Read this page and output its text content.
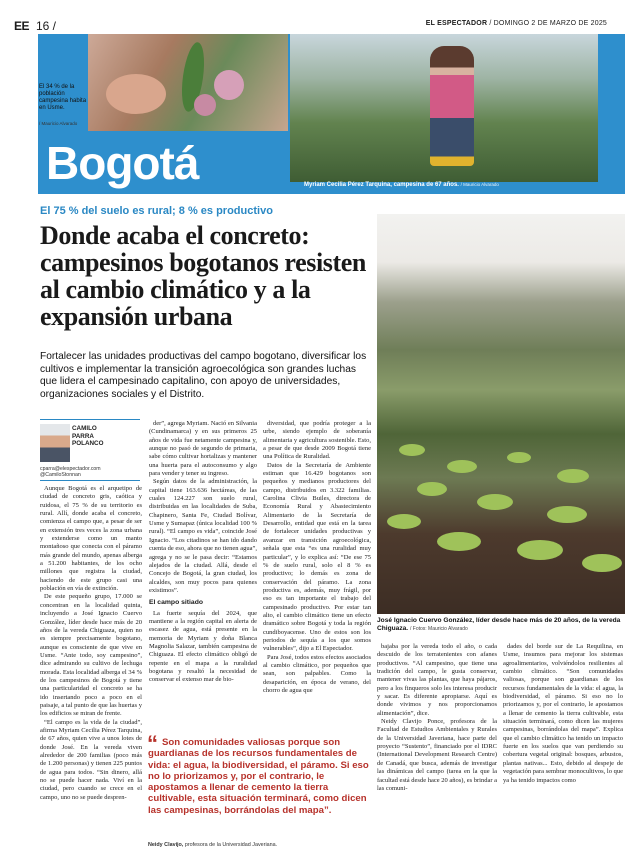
EE 16 /	EL ESPECTADOR / DOMINGO 2 DE MARZO DE 2025
El 34 % de la población campesina habita en Usme.
/ Mauricio Alvarado
Bogotá	Myriam Cecilia Pérez Tarquina, campesina de 67 años. / Mauricio Alvarado
El 75 % del suelo es rural; 8 % es productivo
Donde acaba el concreto: campesinos bogotanos resisten al cambio climático y a la expansión urbana
Fortalecer las unidades productivas del campo bogotano, diversificar los cultivos e implementar la transición agroecológica son grandes luchas que lidera el campesinado capitalino, con apoyo de universidades, organizaciones sociales y el Distrito.
José Ignacio Cuervo González, líder desde hace más de 20 años, de la vereda Chiguaza. / Fotos: Mauricio Alvarado
CAMILO
PARRA
POLANCO
cparra@elespectador.com
@CamiloStonnan

Aunque Bogotá es el arquetipo de ciudad de concreto gris, caótica y ruidosa, el 75 % de su territorio es rural. Allí, donde acaba el concreto, comienza el campo que, a pesar de ser en extensión tres veces la zona urbana y extenderse como un manto montañoso que conecta con el páramo más grande del mundo, apenas alberga a 51.200 habitantes, de los ocho millones que registra la ciudad, haciendo de este grupo casi una población en vía de extinción.

De este pequeño grupo, 17.000 se concentran en la localidad quinta, incluyendo a José Ignacio Cuervo González, líder desde hace más de 20 años de la vereda Chiguaza, quien no es siempre precisamente bogotano, aunque es consciente de que vive en Usme. “Ante todo, soy campesino”, dice admirando su cultivo de lechuga morada. Esta localidad alberga el 34 % de los campesinos de Bogotá y tiene una particularidad el concreto se ha ido insertando poco a poco en el paisaje, a tal punto de que las huertas y los edificios se miran de frente.

“El campo es la vida de la ciudad”, afirma Myriam Cecilia Pérez Tarquina, de 67 años, quien vive a unos lotes de donde José. En la vereda viven alrededor de 200 familias (poco más de 1.200 personas) y tienen 225 puntos de agua para todos. “Sin dinero, allá no se puede hacer nada. Viví en la ciudad, pero cuando se crece en el campo, uno no se puede despren-

der”, agrega Myriam. Nació en Silvania (Cundinamarca) y en sus primeros 25 años de vida fue netamente campesina y, aunque no pasó de segundo de primaria, sabe cómo cultivar hortalizas y mantener una huerta para el autoconsumo y algo para vender y tener su ingreso.

Según datos de la administración, la capital tiene 163.636 hectáreas, de las cuales 124.227 son suelo rural, distribuidas en las localidades de Suba, Chapinero, Santa Fe, Ciudad Bolívar, Usme y Sumapaz (única localidad 100 % rural). “El campo es vida”, coincide José Ignacio. “Los citadinos se han ido dando cuenta de eso, ahora que no tienen agua”, agrega y no se le pasa decir: “Estamos alejados de la ciudad. Allá, desde el Concejo de Bogotá, la gran ciudad, los alcaldes, son muy pocos para quienes existimos”.

El campo sitiado

La fuerte sequía del 2024, que mantiene a la región capital en alerta de escasez de agua, está presente en la memoria de Myriam y doña Blanca Magnolia Salazar, también campesina de Chiguaza. El efecto climático obligó de repente en el mapa a la ruralidad bogotana y resaltó la necesidad de conservar el extenso mar de bio-

diversidad, que podría proteger a la urbe, siendo ejemplo de soberanía alimentaria y agricultura sostenible. Esto, a pesar de que desde 2009 Bogotá tiene una Política de Ruralidad.

Datos de la Secretaría de Ambiente estiman que 16.429 bogotanos son pequeños y medianos productores del campo, distribuidos en 3.322 familias. Carolina Clivia Builes, directora de Economía Rural y Abastecimiento Alimentario de la Secretaría de Desarrollo, entidad que está en la tarea de fortalecer unidades productivas y avanzar en transición agroecológica, señala que esta “es una ruralidad muy particular”, y lo explica así: “De ese 75 % de suelo rural, solo el 8 % es productivo; lo demás es zona de conservación del páramo. La zona productiva es, además, muy frágil, por eso es tan importante el trabajo del campesinado productivo. Por estar tan alto, el cambio climático tiene un efecto dramático sobre Bogotá y toda la región cundiboyacense. Uno de estos son los periodos de sequía a los que somos vulnerables”, dijo a El Espectador.

Para José, todos estos efectos asociados al cambio climático, por pequeños que sean, son palpables. Como la desaparición, en época de verano, del chorro de agua que

bajaba por la vereda todo el año, o cada descuido de los terratenientes con afanes productivos. “Al campesino, que tiene una tradición del campo, le gusta conservar, mantener vivas las plantas, que haya pájaros, pero a los finqueros solo les interesa producir y sacar. Es diferente apropiarse. Aquí es donde vivimos y nos proporcionamos alimentación”, dice.

Neidy Clavijo Ponce, profesora de la Facultad de Estudios Ambientales y Rurales de la Universidad Javeriana, hace parte del proyecto “Sustento”, financiado por el IDRC (International Development Research Centre) de Canadá, que busca, además de investigar las dinámicas del campo (tarea en la que la facultad está desde hace 20 años), es brindar a las comuni-

dades del borde sur de La Requilina, en Usme, insumos para mejorar los sistemas agroalimentarios, volviéndolos resilientes al cambio climático. “Son comunidades valiosas, porque son guardianas de los recursos fundamentales de la vida: el agua, la biodiversidad, el páramo. Si eso no lo priorizamos y, por el contrario, le apostamos a llenar de cemento la tierra cultivable, esta situación terminará, como dicen las mujeres campesinas, borrándolas del mapa”. Explica que el cambio climático ha tenido un impacto fuerte en los suelos que van perdiendo su cobertura vegetal original: bosques, arbustos, plantas nativas... Esto, debido al despeje de vegetación para sembrar monocultivos, lo que ya ha tenido impactos como

“ Son comunidades valiosas porque son guardianas de los recursos fundamentales de vida: el agua, la biodiversidad, el páramo. Si eso no lo priorizamos y, por el contrario, le apostamos a llenar de cemento la tierra cultivable, esta situación terminará, como dicen las campesinas, borrándolas del mapa”.
Neidy Clavijo, profesora de la Universidad Javeriana.
